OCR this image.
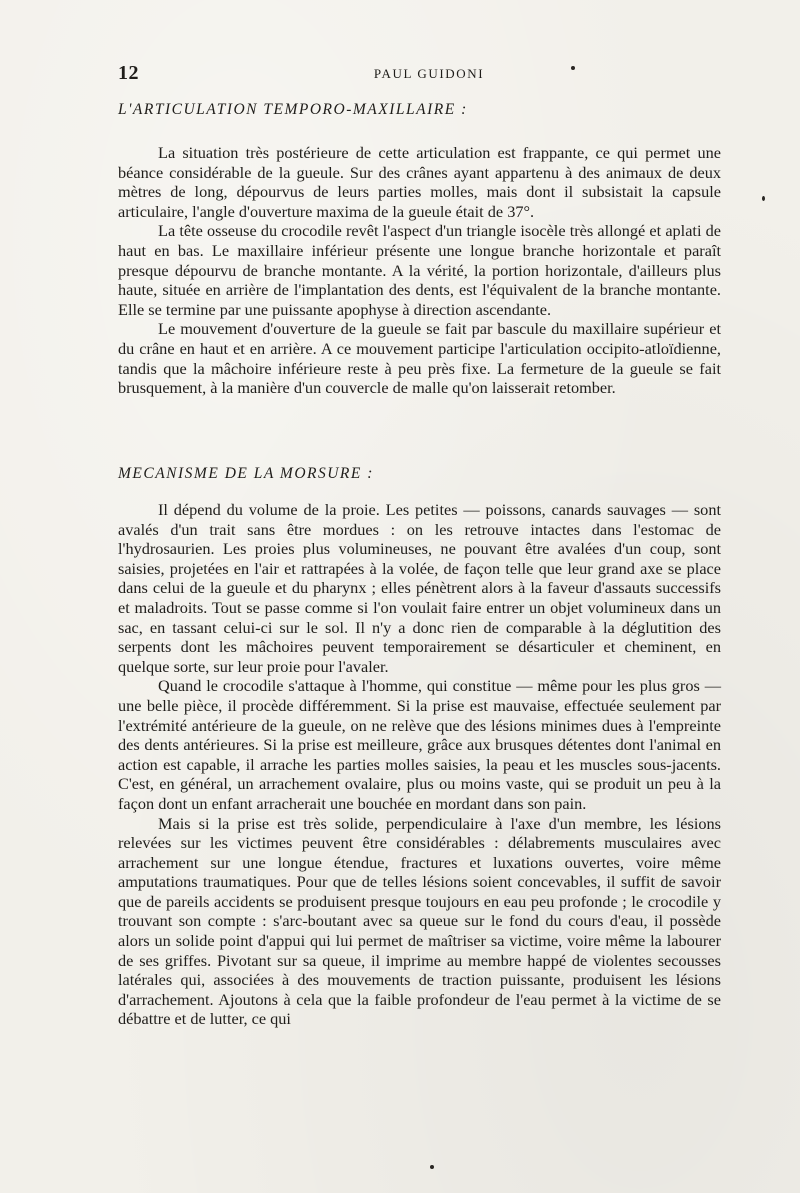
12	PAUL GUIDONI
L'ARTICULATION TEMPORO-MAXILLAIRE :

La situation très postérieure de cette articulation est frappante, ce qui permet une béance considérable de la gueule. Sur des crânes ayant appartenu à des animaux de deux mètres de long, dépourvus de leurs parties molles, mais dont il subsistait la capsule articulaire, l'angle d'ouverture maxima de la gueule était de 37°.

La tête osseuse du crocodile revêt l'aspect d'un triangle isocèle très allongé et aplati de haut en bas. Le maxillaire inférieur présente une longue branche horizontale et paraît presque dépourvu de branche montante. A la vérité, la portion horizontale, d'ailleurs plus haute, située en arrière de l'implantation des dents, est l'équivalent de la branche montante. Elle se termine par une puissante apophyse à direction ascendante.

Le mouvement d'ouverture de la gueule se fait par bascule du maxillaire supérieur et du crâne en haut et en arrière. A ce mouvement participe l'articulation occipito-atloïdienne, tandis que la mâchoire inférieure reste à peu près fixe. La fermeture de la gueule se fait brusquement, à la manière d'un couvercle de malle qu'on laisserait retomber.

MECANISME DE LA MORSURE :

Il dépend du volume de la proie. Les petites — poissons, canards sauvages — sont avalés d'un trait sans être mordues : on les retrouve intactes dans l'estomac de l'hydrosaurien. Les proies plus volumineuses, ne pouvant être avalées d'un coup, sont saisies, projetées en l'air et rattrapées à la volée, de façon telle que leur grand axe se place dans celui de la gueule et du pharynx ; elles pénètrent alors à la faveur d'assauts successifs et maladroits. Tout se passe comme si l'on voulait faire entrer un objet volumineux dans un sac, en tassant celui-ci sur le sol. Il n'y a donc rien de comparable à la déglutition des serpents dont les mâchoires peuvent temporairement se désarticuler et cheminent, en quelque sorte, sur leur proie pour l'avaler.

Quand le crocodile s'attaque à l'homme, qui constitue — même pour les plus gros — une belle pièce, il procède différemment. Si la prise est mauvaise, effectuée seulement par l'extrémité antérieure de la gueule, on ne relève que des lésions minimes dues à l'empreinte des dents antérieures. Si la prise est meilleure, grâce aux brusques détentes dont l'animal en action est capable, il arrache les parties molles saisies, la peau et les muscles sous-jacents. C'est, en général, un arrachement ovalaire, plus ou moins vaste, qui se produit un peu à la façon dont un enfant arracherait une bouchée en mordant dans son pain.

Mais si la prise est très solide, perpendiculaire à l'axe d'un membre, les lésions relevées sur les victimes peuvent être considérables : délabrements musculaires avec arrachement sur une longue étendue, fractures et luxations ouvertes, voire même amputations traumatiques. Pour que de telles lésions soient concevables, il suffit de savoir que de pareils accidents se produisent presque toujours en eau peu profonde ; le crocodile y trouvant son compte : s'arc-boutant avec sa queue sur le fond du cours d'eau, il possède alors un solide point d'appui qui lui permet de maîtriser sa victime, voire même la labourer de ses griffes. Pivotant sur sa queue, il imprime au membre happé de violentes secousses latérales qui, associées à des mouvements de traction puissante, produisent les lésions d'arrachement. Ajoutons à cela que la faible profondeur de l'eau permet à la victime de se débattre et de lutter, ce qui
